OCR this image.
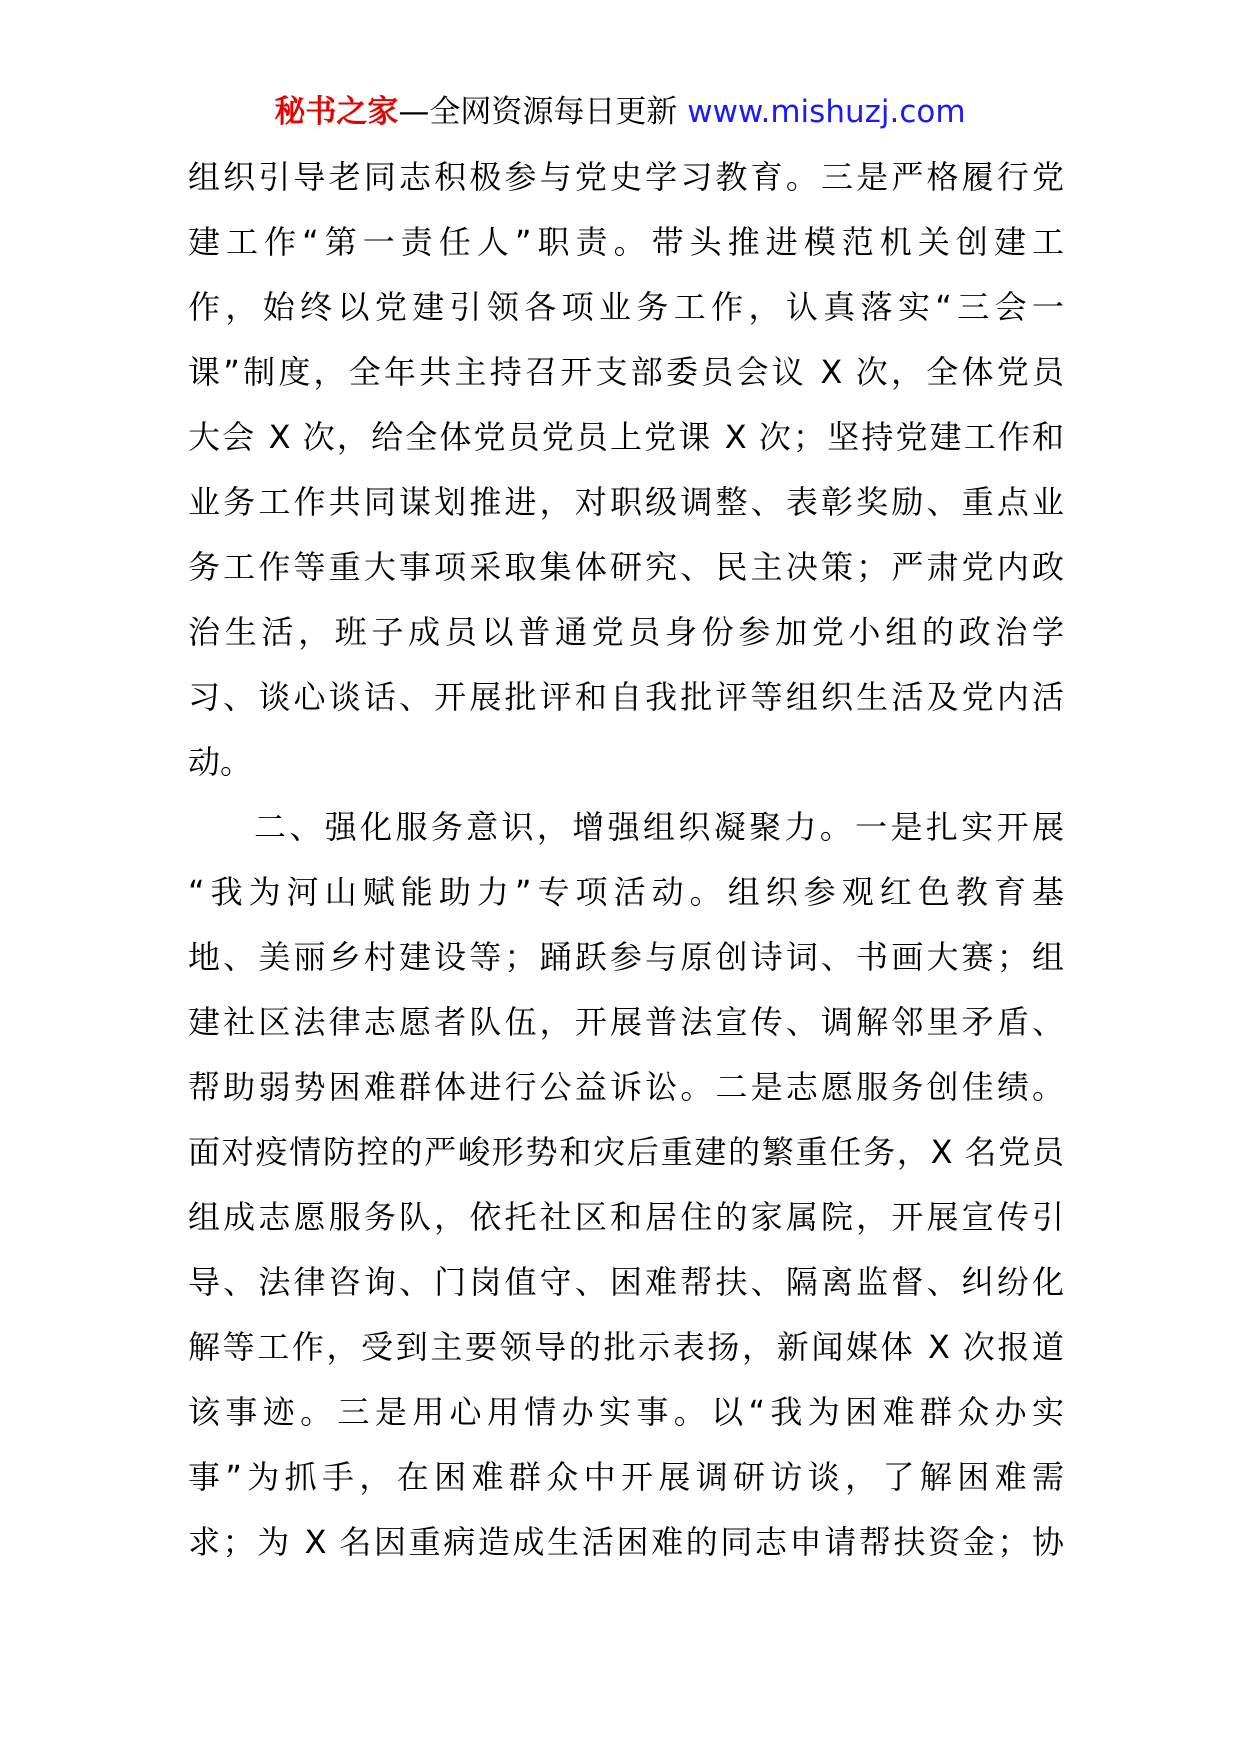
秘书之家—全网资源每日更新 www.mishuzj.com
组织引导老同志积极参与党史学习教育。三是严格履行党
建工作“第一责任人”职责。带头推进模范机关创建工
作，始终以党建引领各项业务工作，认真落实“三会一
课”制度，全年共主持召开支部委员会议 X 次，全体党员
大会 X 次，给全体党员党员上党课 X 次；坚持党建工作和
业务工作共同谋划推进，对职级调整、表彰奖励、重点业
务工作等重大事项采取集体研究、民主决策；严肃党内政
治生活，班子成员以普通党员身份参加党小组的政治学
习、谈心谈话、开展批评和自我批评等组织生活及党内活
动。
二、强化服务意识，增强组织凝聚力。一是扎实开展
“我为河山赋能助力”专项活动。组织参观红色教育基
地、美丽乡村建设等；踊跃参与原创诗词、书画大赛；组
建社区法律志愿者队伍，开展普法宣传、调解邻里矛盾、
帮助弱势困难群体进行公益诉讼。二是志愿服务创佳绩。
面对疫情防控的严峻形势和灾后重建的繁重任务，X 名党员
组成志愿服务队，依托社区和居住的家属院，开展宣传引
导、法律咨询、门岗值守、困难帮扶、隔离监督、纠纷化
解等工作，受到主要领导的批示表扬，新闻媒体 X 次报道
该事迹。三是用心用情办实事。以“我为困难群众办实
事”为抓手，在困难群众中开展调研访谈，了解困难需
求；为 X 名因重病造成生活困难的同志申请帮扶资金；协
